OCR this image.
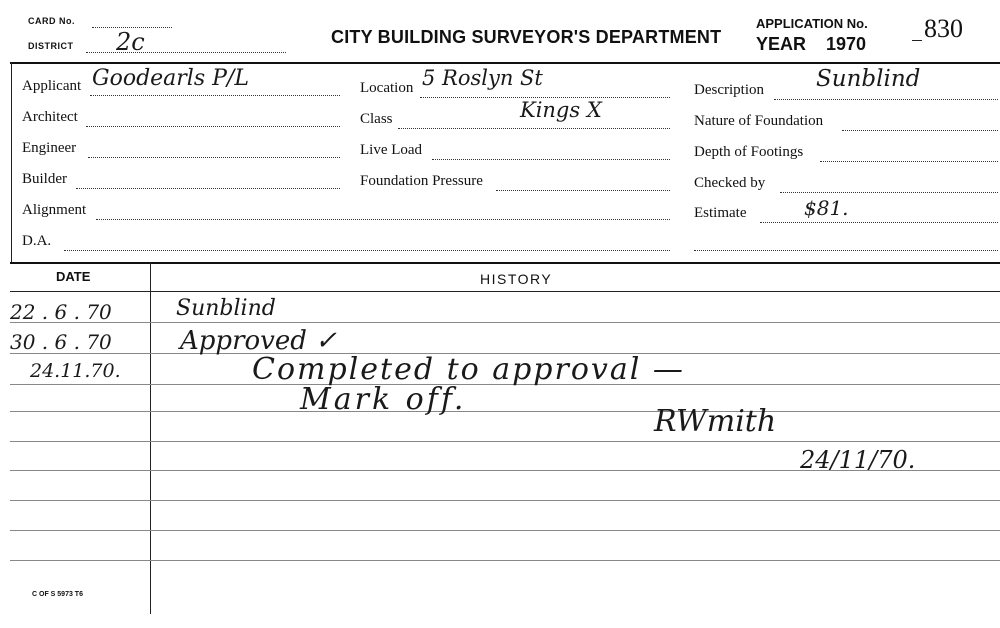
CARD No.
DISTRICT 2c	CITY BUILDING SURVEYOR'S DEPARTMENT
APPLICATION No.
YEAR 1970
830
Applicant Goodearls P/L
Architect
Engineer
Builder
Alignment
D.A.
Location 5 Roslyn St
Class	Kings X
Live Load
Foundation Pressure
Description Sunblind
Nature of Foundation
Depth of Footings
Checked by
Estimate	$81.
DATE	HISTORY
22 . 6 . 70	Sunblind
30 . 6 . 70	Approved ✓
24.11.70.	Completed to approval —
Mark off.
RWmith
24/11/70.
C OF S 5973 T6
